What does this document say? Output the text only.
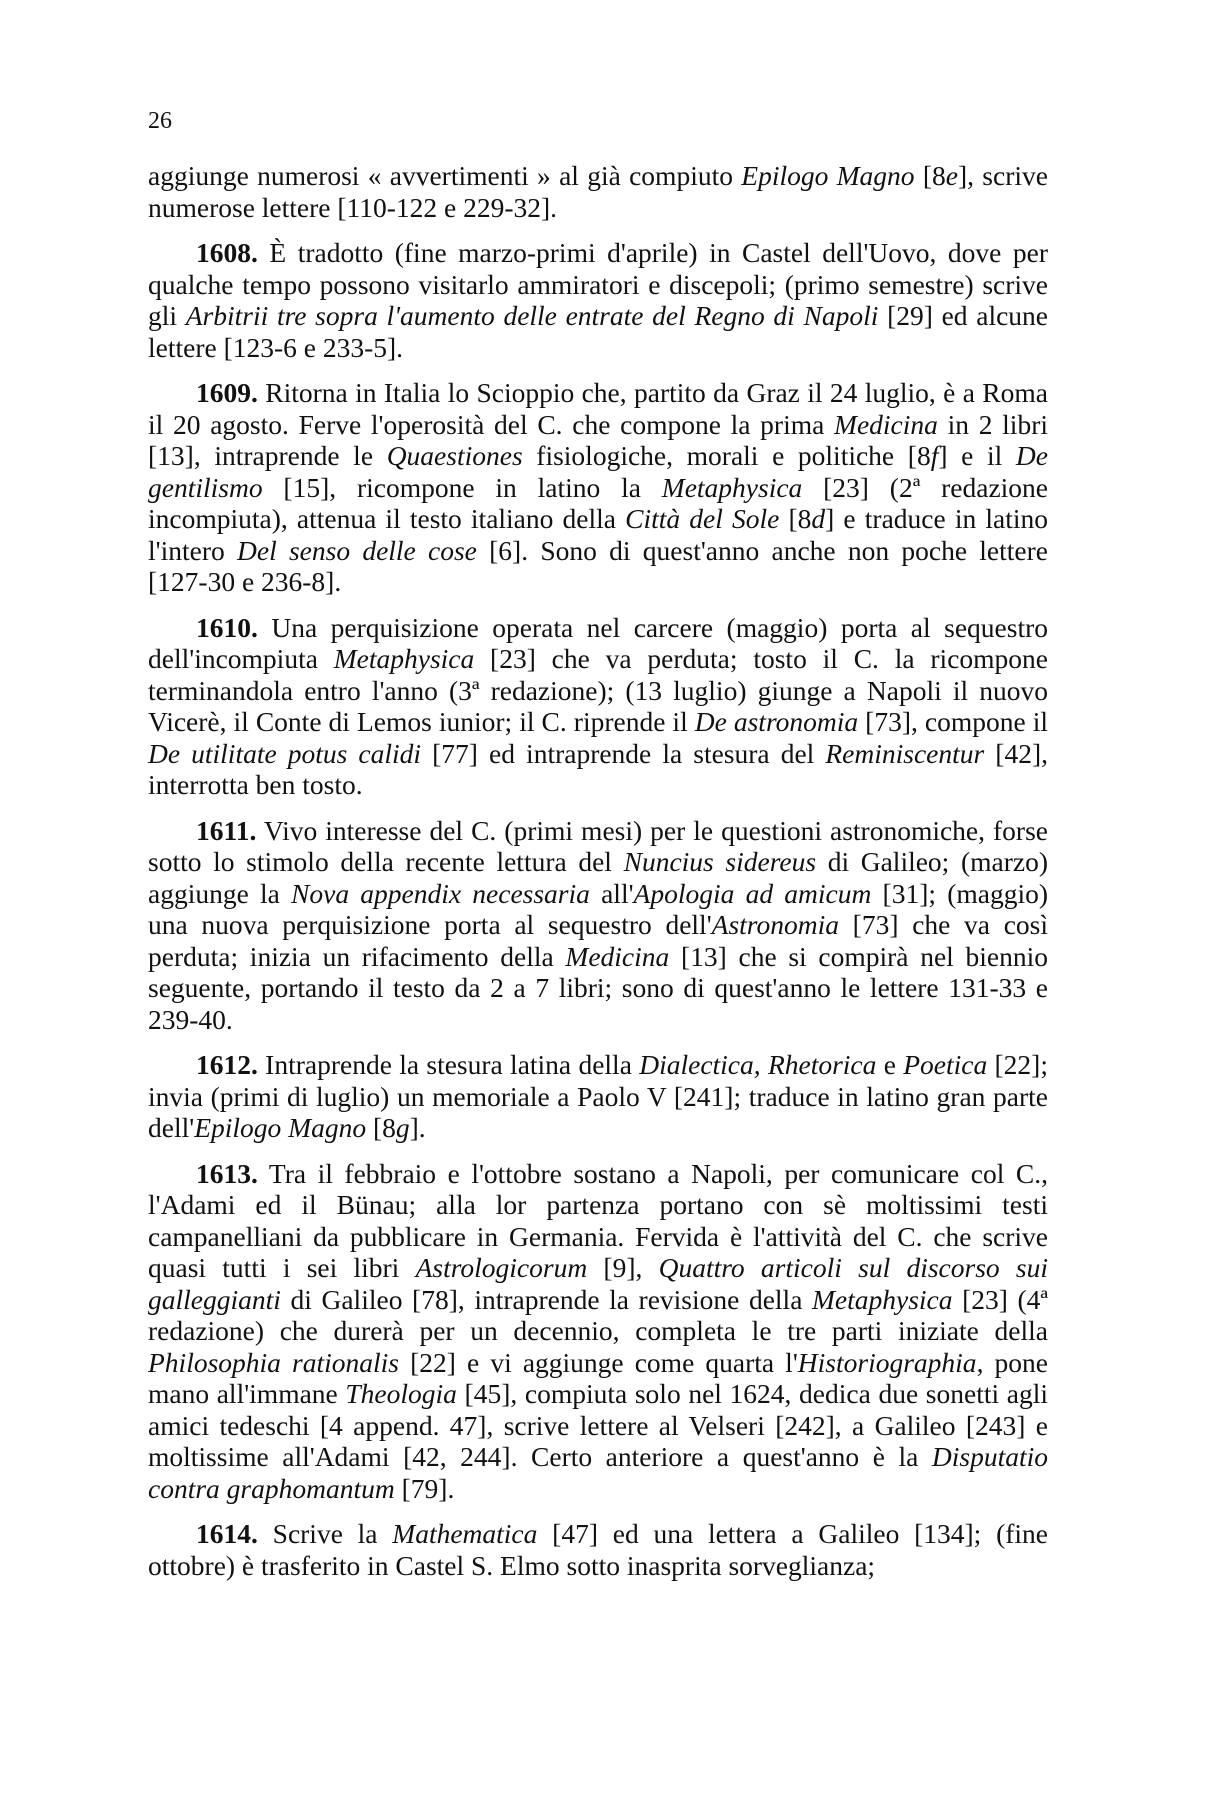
26

aggiunge numerosi « avvertimenti » al già compiuto Epilogo Magno [8e], scrive numerose lettere [110-122 e 229-32].

1608. È tradotto (fine marzo-primi d'aprile) in Castel dell'Uovo, dove per qualche tempo possono visitarlo ammiratori e discepoli; (primo semestre) scrive gli Arbitrii tre sopra l'aumento delle entrate del Regno di Napoli [29] ed alcune lettere [123-6 e 233-5].

1609. Ritorna in Italia lo Scioppio che, partito da Graz il 24 luglio, è a Roma il 20 agosto. Ferve l'operosità del C. che compone la prima Medicina in 2 libri [13], intraprende le Quaestiones fisiologiche, morali e politiche [8f] e il De gentilismo [15], ricompone in latino la Metaphysica [23] (2ª redazione incompiuta), attenua il testo italiano della Città del Sole [8d] e traduce in latino l'intero Del senso delle cose [6]. Sono di quest'anno anche non poche lettere [127-30 e 236-8].

1610. Una perquisizione operata nel carcere (maggio) porta al sequestro dell'incompiuta Metaphysica [23] che va perduta; tosto il C. la ricompone terminandola entro l'anno (3ª redazione); (13 luglio) giunge a Napoli il nuovo Vicerè, il Conte di Lemos iunior; il C. riprende il De astronomia [73], compone il De utilitate potus calidi [77] ed intraprende la stesura del Reminiscentur [42], interrotta ben tosto.

1611. Vivo interesse del C. (primi mesi) per le questioni astronomiche, forse sotto lo stimolo della recente lettura del Nuncius sidereus di Galileo; (marzo) aggiunge la Nova appendix necessaria all'Apologia ad amicum [31]; (maggio) una nuova perquisizione porta al sequestro dell'Astronomia [73] che va così perduta; inizia un rifacimento della Medicina [13] che si compirà nel biennio seguente, portando il testo da 2 a 7 libri; sono di quest'anno le lettere 131-33 e 239-40.

1612. Intraprende la stesura latina della Dialectica, Rhetorica e Poetica [22]; invia (primi di luglio) un memoriale a Paolo V [241]; traduce in latino gran parte dell'Epilogo Magno [8g].

1613. Tra il febbraio e l'ottobre sostano a Napoli, per comunicare col C., l'Adami ed il Bünau; alla lor partenza portano con sè moltissimi testi campanelliani da pubblicare in Germania. Fervida è l'attività del C. che scrive quasi tutti i sei libri Astrologicorum [9], Quattro articoli sul discorso sui galleggianti di Galileo [78], intraprende la revisione della Metaphysica [23] (4ª redazione) che durerà per un decennio, completa le tre parti iniziate della Philosophia rationalis [22] e vi aggiunge come quarta l'Historiographia, pone mano all'immane Theologia [45], compiuta solo nel 1624, dedica due sonetti agli amici tedeschi [4 append. 47], scrive lettere al Velseri [242], a Galileo [243] e moltissime all'Adami [42, 244]. Certo anteriore a quest'anno è la Disputatio contra graphomantum [79].

1614. Scrive la Mathematica [47] ed una lettera a Galileo [134]; (fine ottobre) è trasferito in Castel S. Elmo sotto inasprita sorveglianza;
